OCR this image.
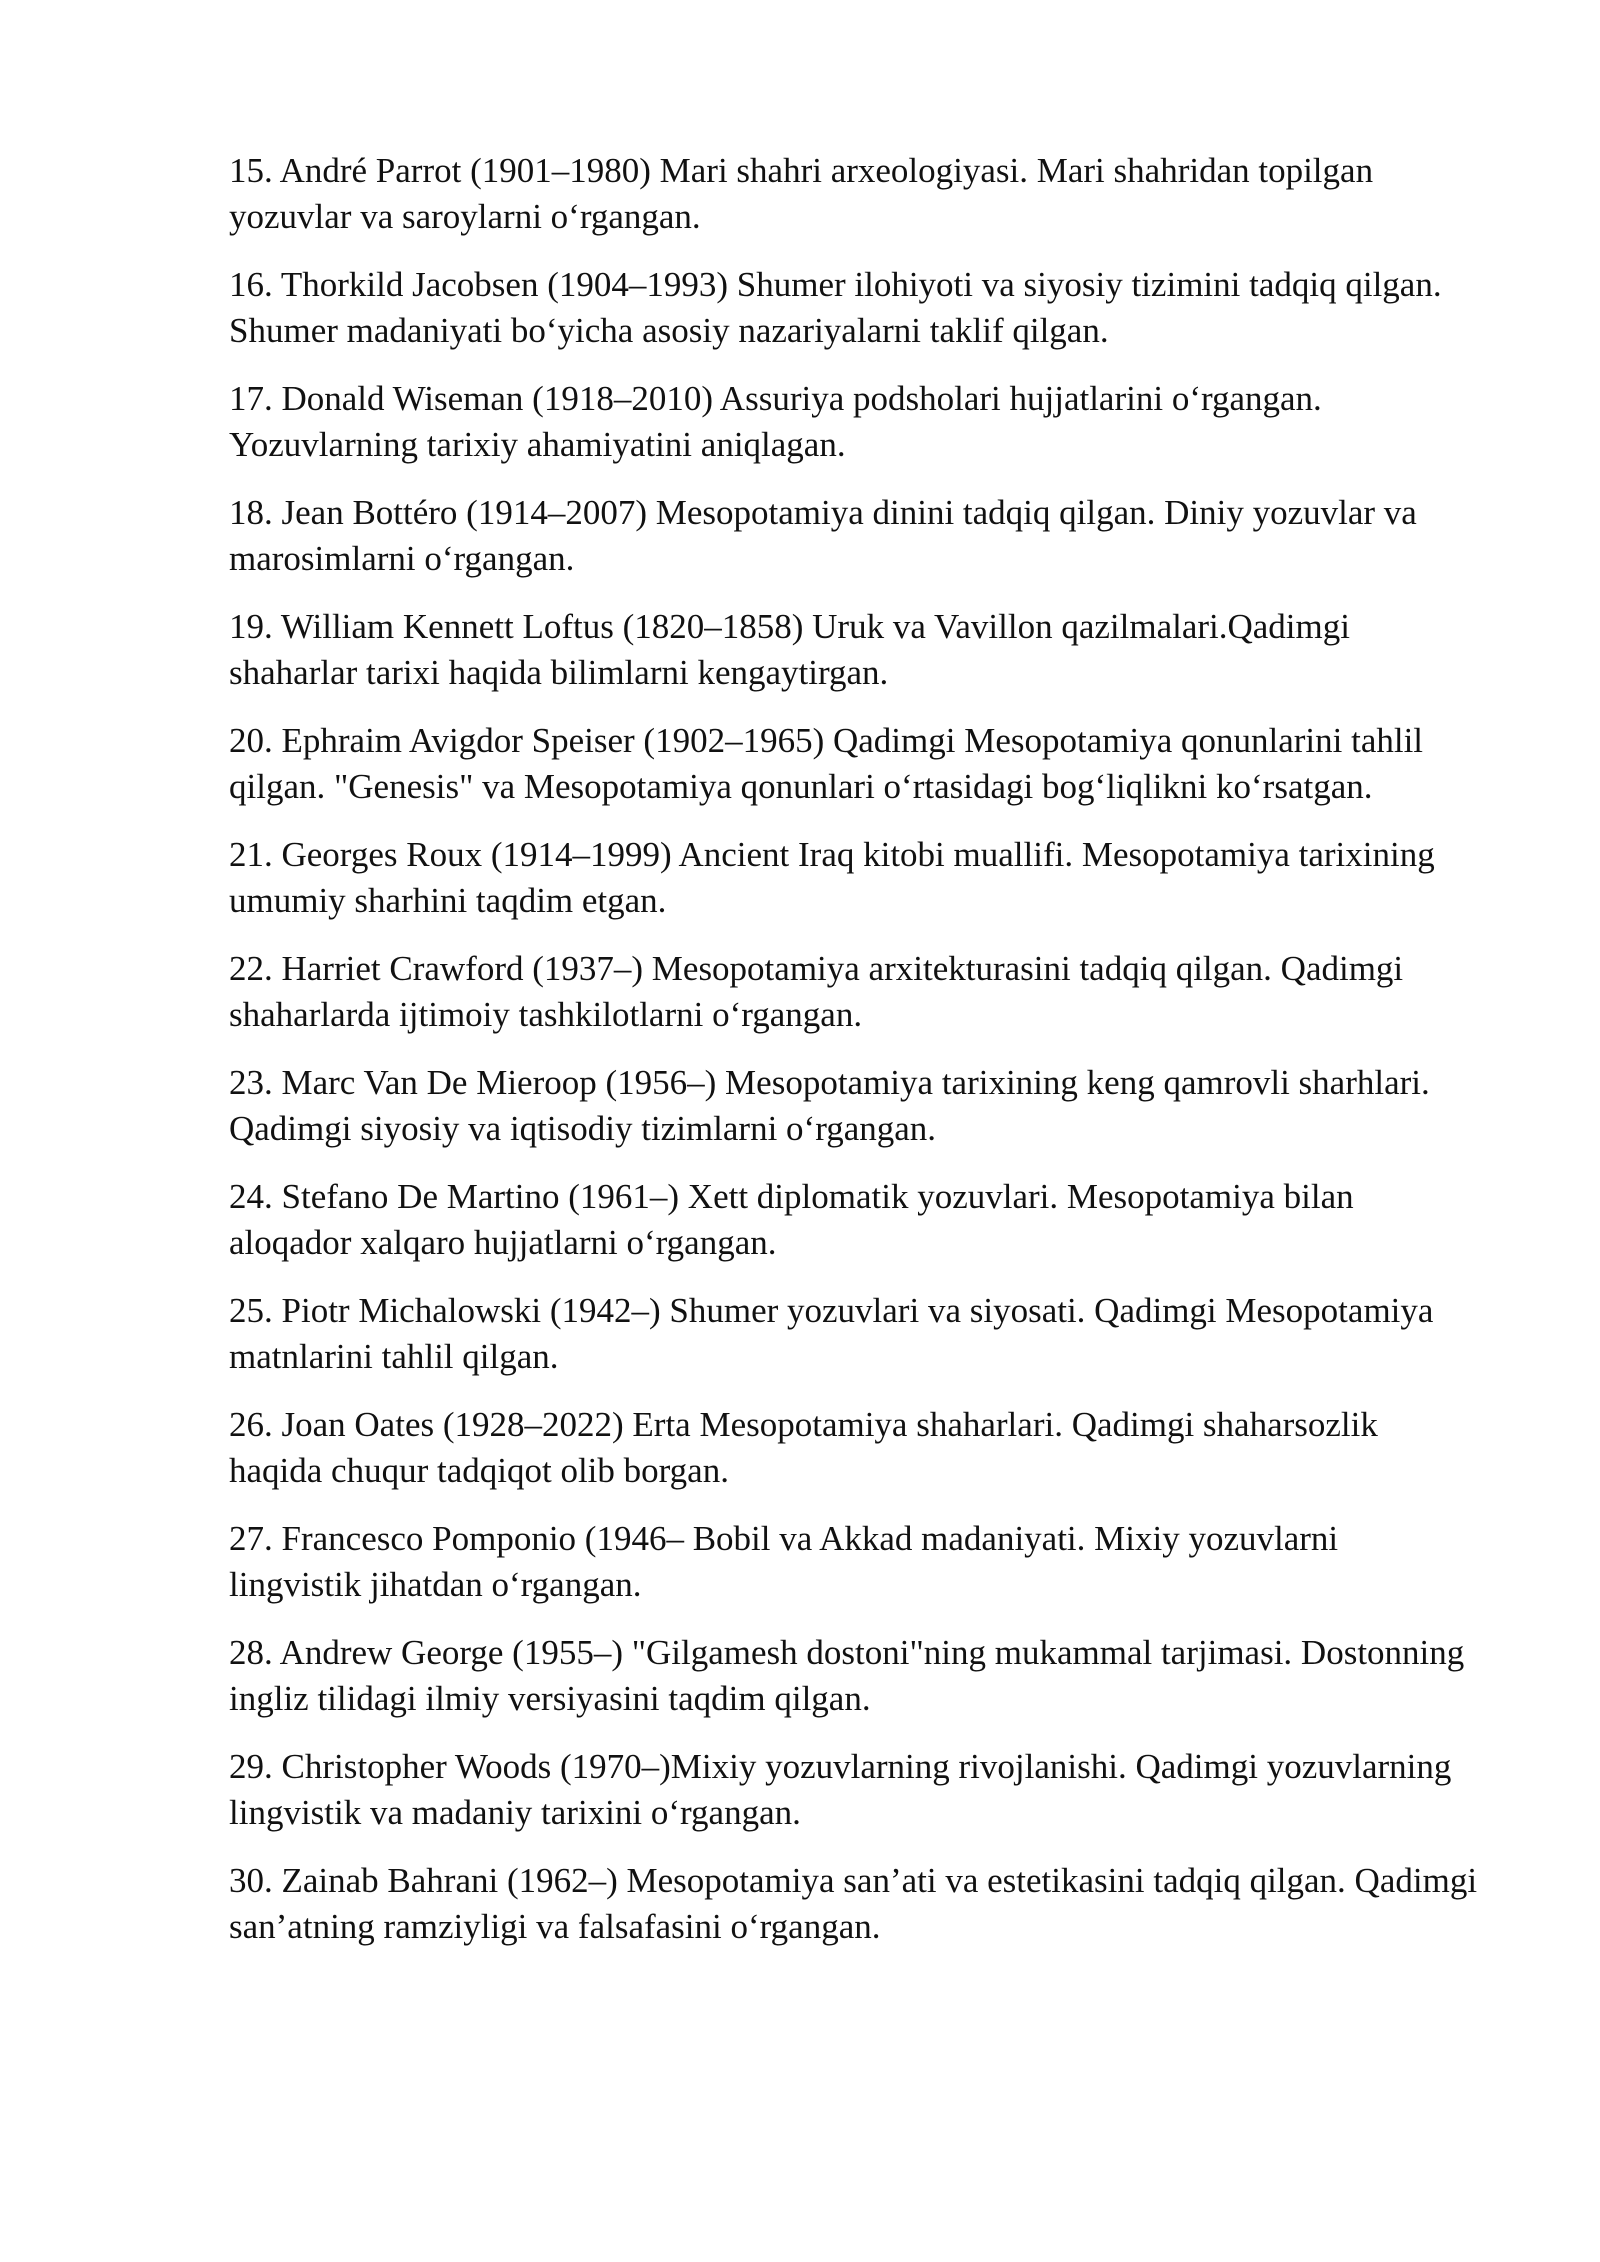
15. André Parrot (1901–1980) Mari shahri arxeologiyasi. Mari shahridan topilgan yozuvlar va saroylarni o‘rgangan.

16. Thorkild Jacobsen (1904–1993) Shumer ilohiyoti va siyosiy tizimini tadqiq qilgan. Shumer madaniyati bo‘yicha asosiy nazariyalarni taklif qilgan.

17. Donald Wiseman (1918–2010) Assuriya podsholari hujjatlarini o‘rgangan. Yozuvlarning tarixiy ahamiyatini aniqlagan.

18. Jean Bottéro (1914–2007) Mesopotamiya dinini tadqiq qilgan. Diniy yozuvlar va marosimlarni o‘rgangan.

19. William Kennett Loftus (1820–1858) Uruk va Vavillon qazilmalari.Qadimgi shaharlar tarixi haqida bilimlarni kengaytirgan.

20. Ephraim Avigdor Speiser (1902–1965) Qadimgi Mesopotamiya qonunlarini tahlil qilgan. "Genesis" va Mesopotamiya qonunlari o‘rtasidagi bog‘liqlikni ko‘rsatgan.

21. Georges Roux (1914–1999) Ancient Iraq kitobi muallifi. Mesopotamiya tarixining umumiy sharhini taqdim etgan.

22. Harriet Crawford (1937–) Mesopotamiya arxitekturasini tadqiq qilgan. Qadimgi shaharlarda ijtimoiy tashkilotlarni o‘rgangan.

23. Marc Van De Mieroop (1956–) Mesopotamiya tarixining keng qamrovli sharhlari. Qadimgi siyosiy va iqtisodiy tizimlarni o‘rgangan.

24. Stefano De Martino (1961–) Xett diplomatik yozuvlari. Mesopotamiya bilan aloqador xalqaro hujjatlarni o‘rgangan.

25. Piotr Michalowski (1942–) Shumer yozuvlari va siyosati. Qadimgi Mesopotamiya matnlarini tahlil qilgan.

26. Joan Oates (1928–2022) Erta Mesopotamiya shaharlari. Qadimgi shaharsozlik haqida chuqur tadqiqot olib borgan.

27. Francesco Pomponio (1946– Bobil va Akkad madaniyati. Mixiy yozuvlarni lingvistik jihatdan o‘rgangan.

28. Andrew George (1955–) "Gilgamesh dostoni"ning mukammal tarjimasi. Dostonning ingliz tilidagi ilmiy versiyasini taqdim qilgan.

29. Christopher Woods (1970–)Mixiy yozuvlarning rivojlanishi. Qadimgi yozuvlarning lingvistik va madaniy tarixini o‘rgangan.

30. Zainab Bahrani (1962–) Mesopotamiya san’ati va estetikasini tadqiq qilgan. Qadimgi san’atning ramziyligi va falsafasini o‘rgangan.
